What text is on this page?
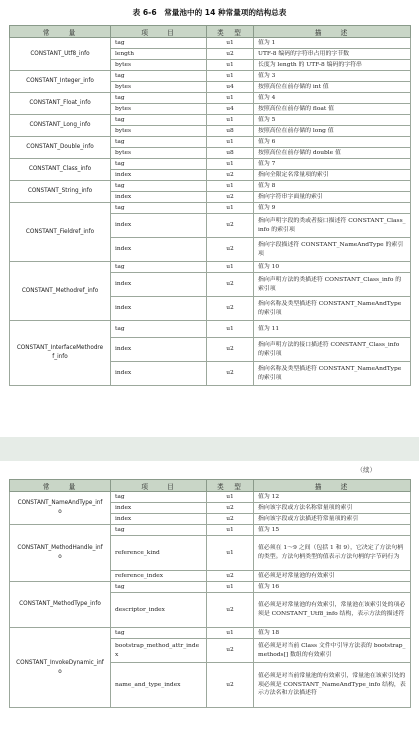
表 6-6　常量池中的 14 种常量项的结构总表
常　　量	项　　目	类　型	描　　述
CONSTANT_Utf8_info	tag	u1	值为 1
	length	u2	UTF-8 编码的字符串占用的字节数
	bytes	u1	长度为 length 的 UTF-8 编码的字符串
CONSTANT_Integer_info	tag	u1	值为 3
	bytes	u4	按照高位在前存储的 int 值
CONSTANT_Float_info	tag	u1	值为 4
	bytes	u4	按照高位在前存储的 float 值
CONSTANT_Long_info	tag	u1	值为 5
	bytes	u8	按照高位在前存储的 long 值
CONSTANT_Double_info	tag	u1	值为 6
	bytes	u8	按照高位在前存储的 double 值
CONSTANT_Class_info	tag	u1	值为 7
	index	u2	指向全限定名常量项的索引
CONSTANT_String_info	tag	u1	值为 8
	index	u2	指向字符串字面量的索引
CONSTANT_Fieldref_info	tag	u1	值为 9
	index	u2	指向声明字段的类或者接口描述符 CONSTANT_Class_info 的索引项
	index	u2	指向字段描述符 CONSTANT_NameAndType 的索引项
CONSTANT_Methodref_info	tag	u1	值为 10
	index	u2	指向声明方法的类描述符 CONSTANT_Class_info 的索引项
	index	u2	指向名称及类型描述符 CONSTANT_NameAndType 的索引项
CONSTANT_InterfaceMethodref_info	tag	u1	值为 11
	index	u2	指向声明方法的接口描述符 CONSTANT_Class_info 的索引项
	index	u2	指向名称及类型描述符 CONSTANT_NameAndType 的索引项
（续）
常　　量	项　　目	类　型	描　　述
CONSTANT_NameAndType_info	tag	u1	值为 12
	index	u2	指向该字段或方法名称常量项的索引
	index	u2	指向该字段或方法描述符常量项的索引
CONSTANT_MethodHandle_info	tag	u1	值为 15
	reference_kind	u1	值必须在 1～9 之间（包括 1 和 9），它决定了方法句柄的类型。方法句柄类型的值表示方法句柄的字节码行为
	reference_index	u2	值必须是对常量池的有效索引
CONSTANT_MethodType_info	tag	u1	值为 16
	descriptor_index	u2	值必须是对常量池的有效索引，常量池在该索引处的项必须是 CONSTANT_Utf8_info 结构，表示方法的描述符
CONSTANT_InvokeDynamic_info	tag	u1	值为 18
	bootstrap_method_attr_index	u2	值必须是对当前 Class 文件中引导方法表的 bootstrap_methods[] 数组的有效索引
	name_and_type_index	u2	值必须是对当前常量池的有效索引，常量池在该索引处的项必须是 CONSTANT_NameAndType_info 结构，表示方法名和方法描述符
